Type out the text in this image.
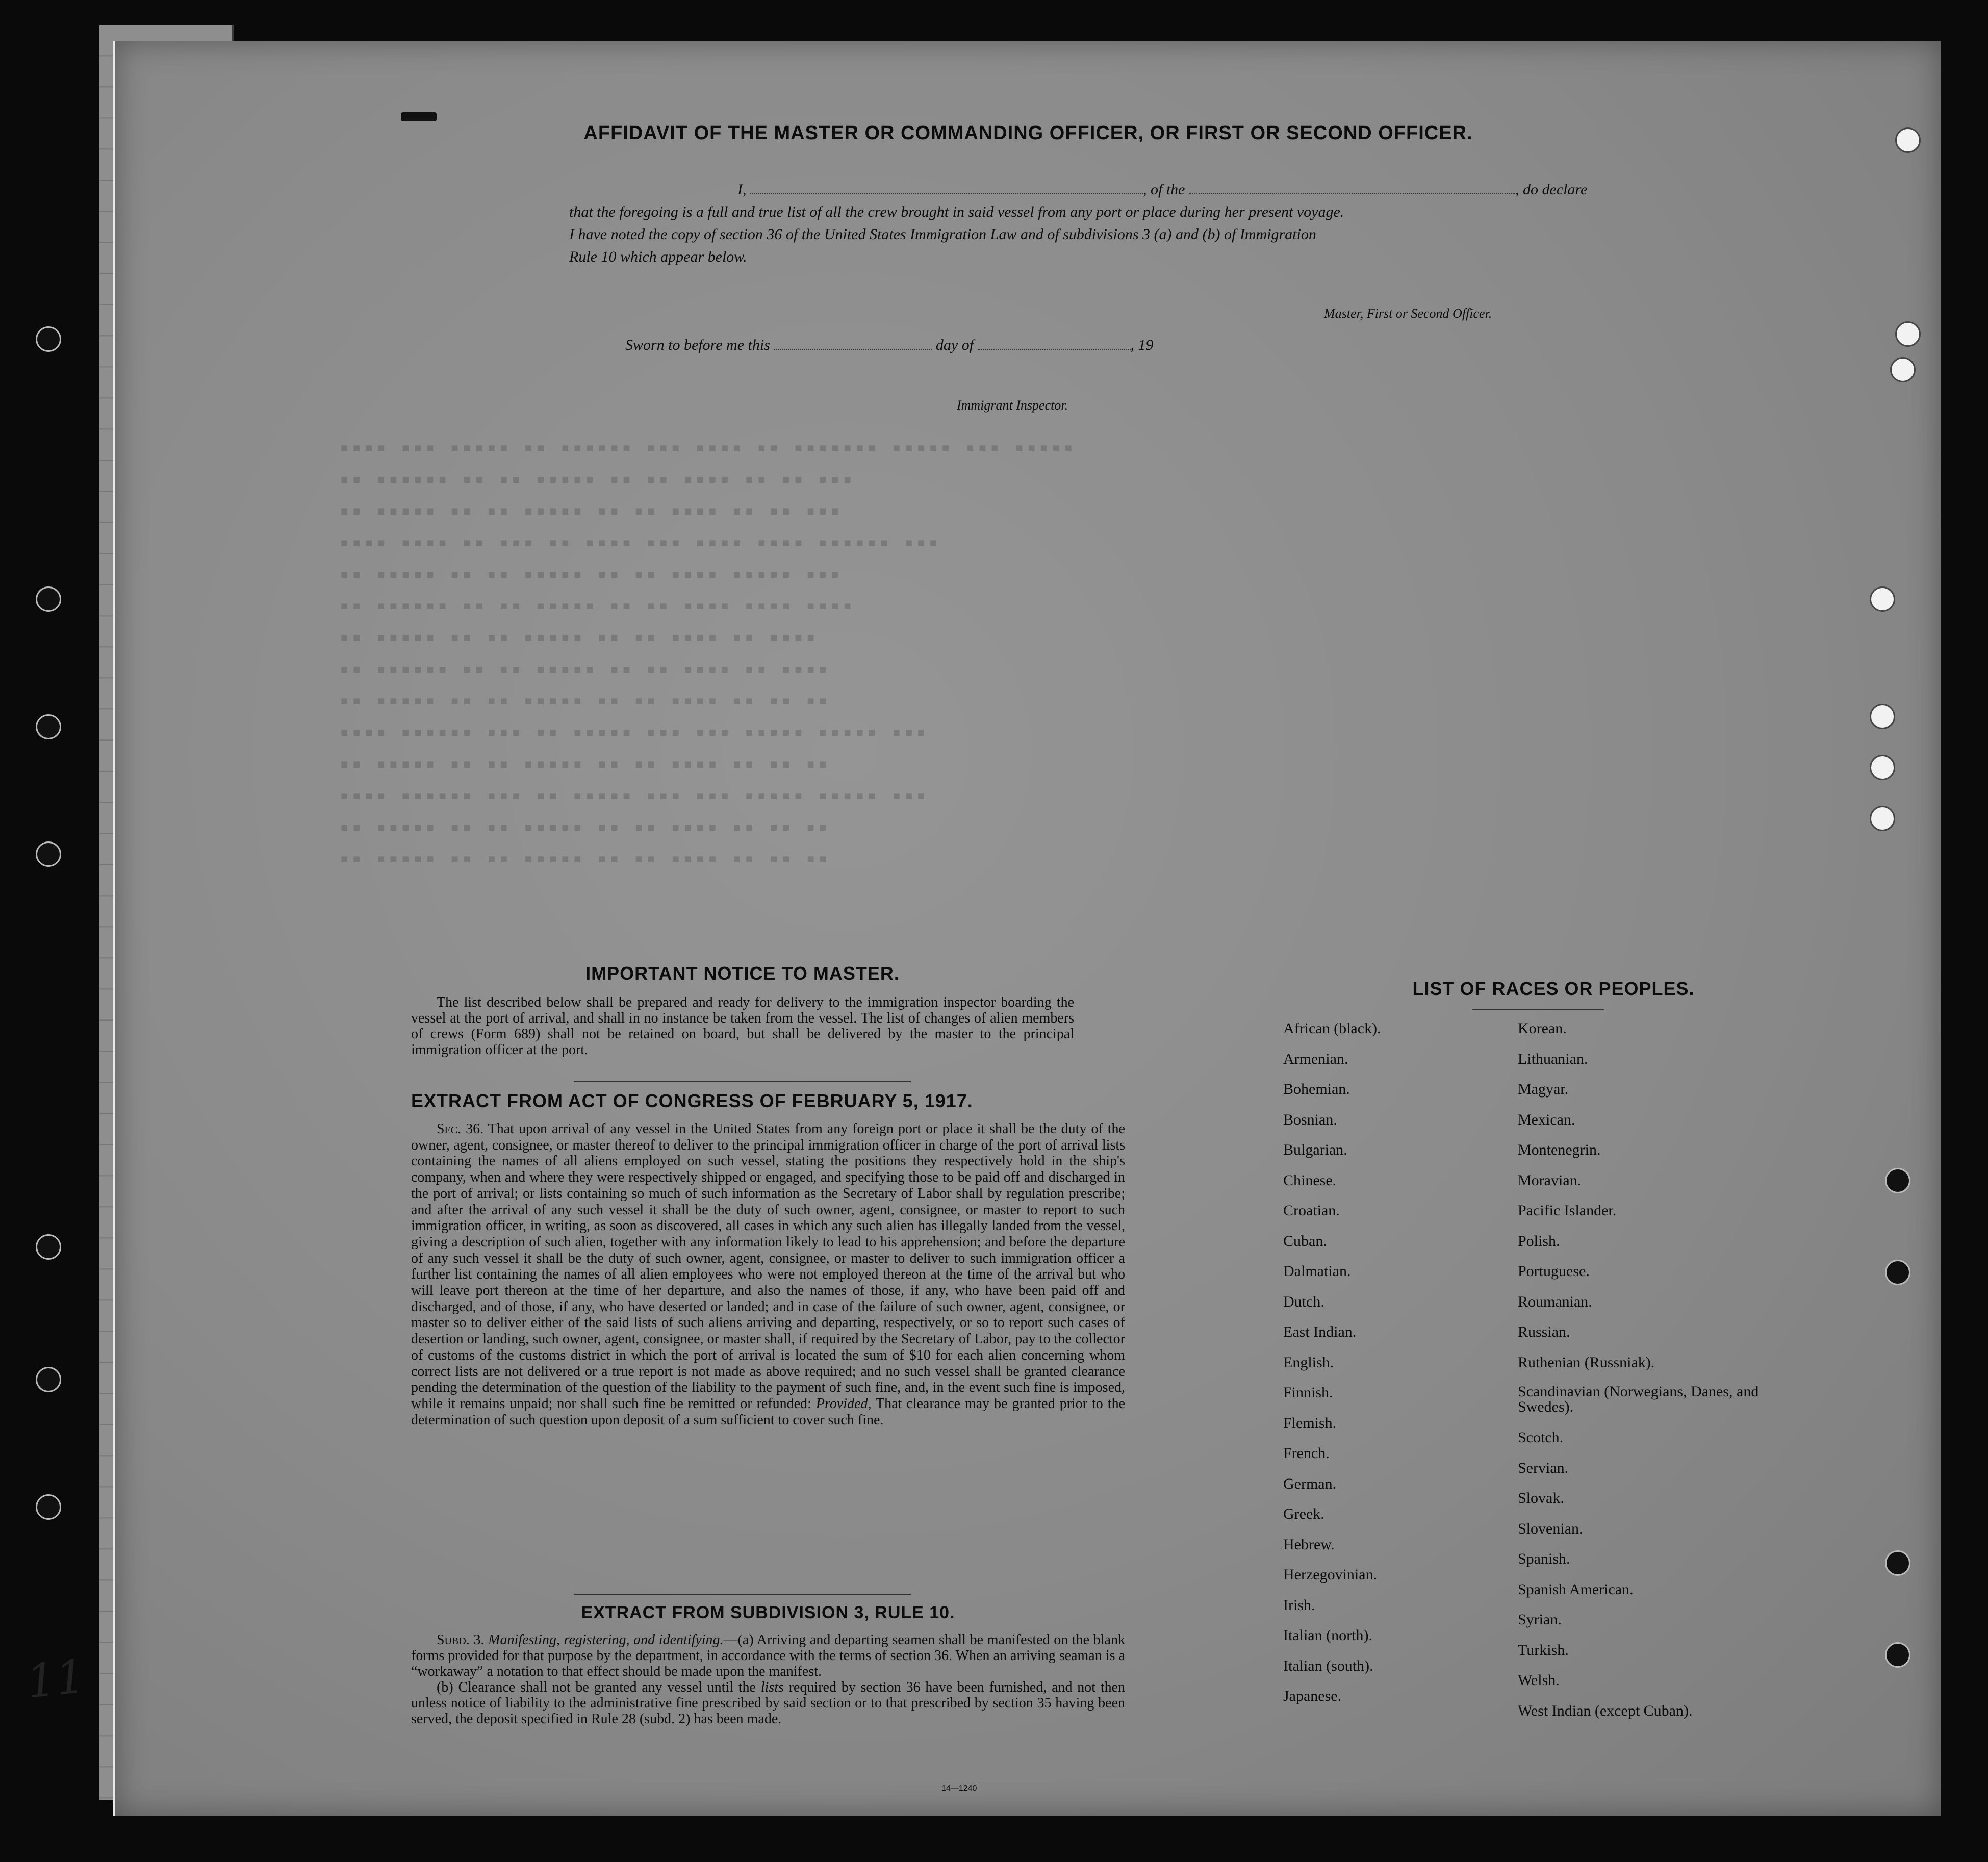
AFFIDAVIT OF THE MASTER OR COMMANDING OFFICER, OR FIRST OR SECOND OFFICER.
I,	, of the	, do declare
that the foregoing is a full and true list of all the crew brought in said vessel from any port or place during her present voyage.
I have noted the copy of section 36 of the United States Immigration Law and of subdivisions 3 (a) and (b) of Immigration
Rule 10 which appear below.
Master, First or Second Officer.
Sworn to before me this	day of	, 19
Immigrant Inspector.
▪▪▪▪ ▪▪▪ ▪▪▪▪▪ ▪▪ ▪▪▪▪▪▪ ▪▪▪ ▪▪▪▪ ▪▪ ▪▪▪▪▪▪▪ ▪▪▪▪▪ ▪▪▪ ▪▪▪▪▪
▪▪ ▪▪▪▪▪▪ ▪▪ ▪▪ ▪▪▪▪▪ ▪▪ ▪▪ ▪▪▪▪ ▪▪ ▪▪ ▪▪▪
▪▪ ▪▪▪▪▪ ▪▪ ▪▪ ▪▪▪▪▪ ▪▪ ▪▪ ▪▪▪▪ ▪▪ ▪▪ ▪▪▪
▪▪▪▪ ▪▪▪▪ ▪▪ ▪▪▪ ▪▪ ▪▪▪▪ ▪▪▪ ▪▪▪▪ ▪▪▪▪ ▪▪▪▪▪▪ ▪▪▪
▪▪ ▪▪▪▪▪ ▪▪ ▪▪ ▪▪▪▪▪ ▪▪ ▪▪ ▪▪▪▪ ▪▪▪▪▪ ▪▪▪
▪▪ ▪▪▪▪▪▪ ▪▪ ▪▪ ▪▪▪▪▪ ▪▪ ▪▪ ▪▪▪▪ ▪▪▪▪ ▪▪▪▪
▪▪ ▪▪▪▪▪ ▪▪ ▪▪ ▪▪▪▪▪ ▪▪ ▪▪ ▪▪▪▪ ▪▪ ▪▪▪▪
▪▪ ▪▪▪▪▪▪ ▪▪ ▪▪ ▪▪▪▪▪ ▪▪ ▪▪ ▪▪▪▪ ▪▪ ▪▪▪▪
▪▪ ▪▪▪▪▪ ▪▪ ▪▪ ▪▪▪▪▪ ▪▪ ▪▪ ▪▪▪▪ ▪▪ ▪▪ ▪▪
▪▪▪▪ ▪▪▪▪▪▪ ▪▪▪ ▪▪ ▪▪▪▪▪ ▪▪▪ ▪▪▪ ▪▪▪▪▪ ▪▪▪▪▪ ▪▪▪
▪▪ ▪▪▪▪▪ ▪▪ ▪▪ ▪▪▪▪▪ ▪▪ ▪▪ ▪▪▪▪ ▪▪ ▪▪ ▪▪
▪▪▪▪ ▪▪▪▪▪▪ ▪▪▪ ▪▪ ▪▪▪▪▪ ▪▪▪ ▪▪▪ ▪▪▪▪▪ ▪▪▪▪▪ ▪▪▪
▪▪ ▪▪▪▪▪ ▪▪ ▪▪ ▪▪▪▪▪ ▪▪ ▪▪ ▪▪▪▪ ▪▪ ▪▪ ▪▪
▪▪ ▪▪▪▪▪ ▪▪ ▪▪ ▪▪▪▪▪ ▪▪ ▪▪ ▪▪▪▪ ▪▪ ▪▪ ▪▪
IMPORTANT NOTICE TO MASTER.
The list described below shall be prepared and ready for delivery to the immigration inspector boarding the vessel at the port of arrival, and shall in no instance be taken from the vessel. The list of changes of alien members of crews (Form 689) shall not be retained on board, but shall be delivered by the master to the principal immigration officer at the port.
EXTRACT FROM ACT OF CONGRESS OF FEBRUARY 5, 1917.
Sec. 36. That upon arrival of any vessel in the United States from any foreign port or place it shall be the duty of the owner, agent, consignee, or master thereof to deliver to the principal immigration officer in charge of the port of arrival lists containing the names of all aliens employed on such vessel, stating the positions they respectively hold in the ship's company, when and where they were respectively shipped or engaged, and specifying those to be paid off and discharged in the port of arrival; or lists containing so much of such information as the Secretary of Labor shall by regulation prescribe; and after the arrival of any such vessel it shall be the duty of such owner, agent, consignee, or master to report to such immigration officer, in writing, as soon as discovered, all cases in which any such alien has illegally landed from the vessel, giving a description of such alien, together with any information likely to lead to his apprehension; and before the departure of any such vessel it shall be the duty of such owner, agent, consignee, or master to deliver to such immigration officer a further list containing the names of all alien employees who were not employed thereon at the time of the arrival but who will leave port thereon at the time of her departure, and also the names of those, if any, who have been paid off and discharged, and of those, if any, who have deserted or landed; and in case of the failure of such owner, agent, consignee, or master so to deliver either of the said lists of such aliens arriving and departing, respectively, or so to report such cases of desertion or landing, such owner, agent, consignee, or master shall, if required by the Secretary of Labor, pay to the collector of customs of the customs district in which the port of arrival is located the sum of $10 for each alien concerning whom correct lists are not delivered or a true report is not made as above required; and no such vessel shall be granted clearance pending the determination of the question of the liability to the payment of such fine, and, in the event such fine is imposed, while it remains unpaid; nor shall such fine be remitted or refunded: Provided, That clearance may be granted prior to the determination of such question upon deposit of a sum sufficient to cover such fine.
EXTRACT FROM SUBDIVISION 3, RULE 10.

Subd. 3. Manifesting, registering, and identifying.—(a) Arriving and departing seamen shall be manifested on the blank forms provided for that purpose by the department, in accordance with the terms of section 36. When an arriving seaman is a “workaway” a notation to that effect should be made upon the manifest.

(b) Clearance shall not be granted any vessel until the lists required by section 36 have been furnished, and not then unless notice of liability to the administrative fine prescribed by said section or to that prescribed by section 35 having been served, the deposit specified in Rule 28 (subd. 2) has been made.

14—1240
LIST OF RACES OR PEOPLES.
African (black).
Armenian.
Bohemian.
Bosnian.
Bulgarian.
Chinese.
Croatian.
Cuban.
Dalmatian.
Dutch.
East Indian.
English.
Finnish.
Flemish.
French.
German.
Greek.
Hebrew.
Herzegovinian.
Irish.
Italian (north).
Italian (south).
Japanese.
Korean.
Lithuanian.
Magyar.
Mexican.
Montenegrin.
Moravian.
Pacific Islander.
Polish.
Portuguese.
Roumanian.
Russian.
Ruthenian (Russniak).
Scandinavian (Norwegians, Danes, and Swedes).
Scotch.
Servian.
Slovak.
Slovenian.
Spanish.
Spanish American.
Syrian.
Turkish.
Welsh.
West Indian (except Cuban).
11
